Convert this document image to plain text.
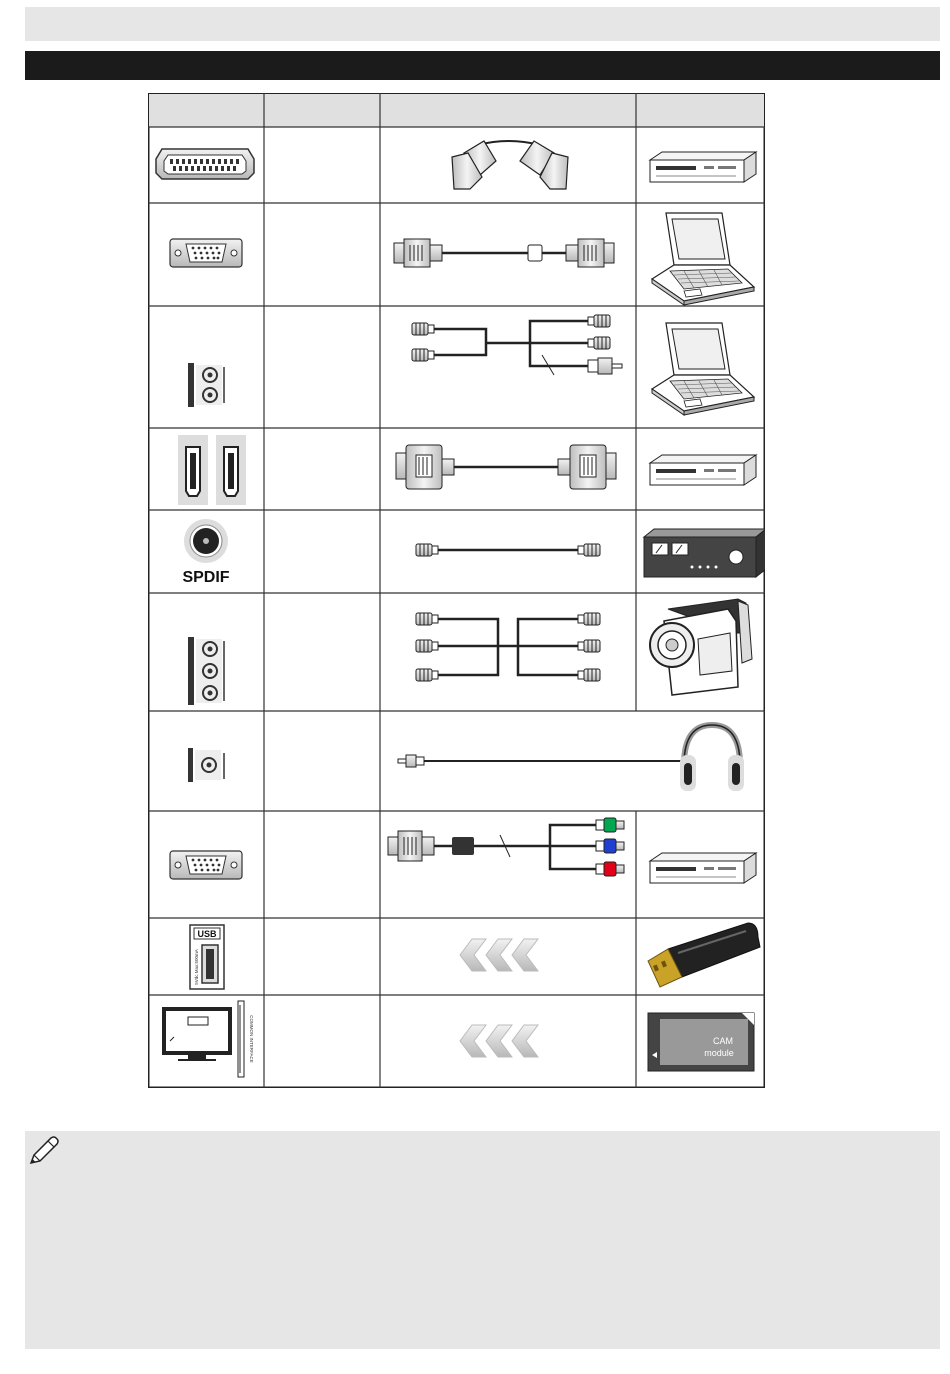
SPDIF
USB
5Vdc Max:500mA
COMMON INTERFACE	CAM
module
